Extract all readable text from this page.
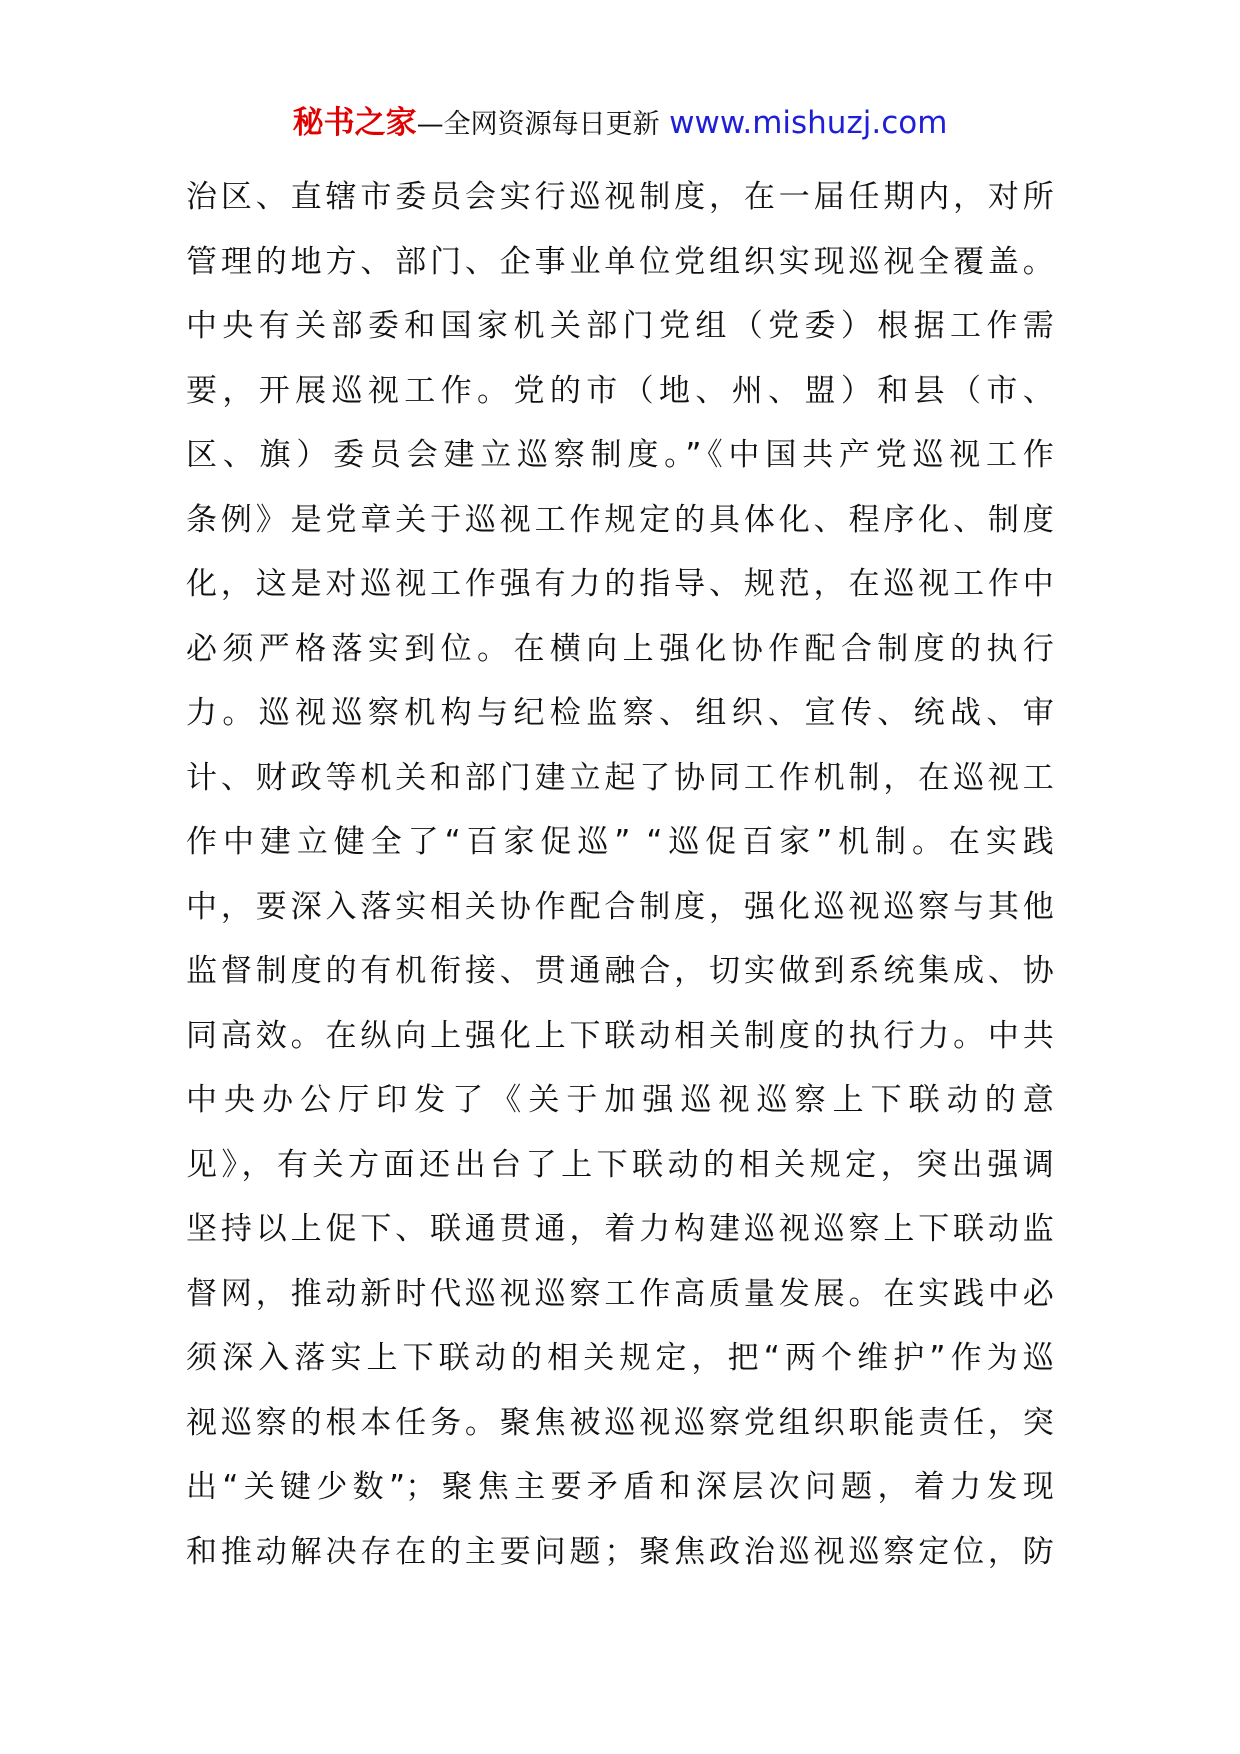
秘书之家—全网资源每日更新 www.mishuzj.com
治区、直辖市委员会实行巡视制度，在一届任期内，对所
管理的地方、部门、企事业单位党组织实现巡视全覆盖。
中央有关部委和国家机关部门党组（党委）根据工作需
要，开展巡视工作。党的市（地、州、盟）和县（市、
区、旗）委员会建立巡察制度。”《中国共产党巡视工作
条例》是党章关于巡视工作规定的具体化、程序化、制度
化，这是对巡视工作强有力的指导、规范，在巡视工作中
必须严格落实到位。在横向上强化协作配合制度的执行
力。巡视巡察机构与纪检监察、组织、宣传、统战、审
计、财政等机关和部门建立起了协同工作机制，在巡视工
作中建立健全了“百家促巡” “巡促百家”机制。在实践
中，要深入落实相关协作配合制度，强化巡视巡察与其他
监督制度的有机衔接、贯通融合，切实做到系统集成、协
同高效。在纵向上强化上下联动相关制度的执行力。中共
中央办公厅印发了《关于加强巡视巡察上下联动的意
见》，有关方面还出台了上下联动的相关规定，突出强调
坚持以上促下、联通贯通，着力构建巡视巡察上下联动监
督网，推动新时代巡视巡察工作高质量发展。在实践中必
须深入落实上下联动的相关规定，把“两个维护”作为巡
视巡察的根本任务。聚焦被巡视巡察党组织职能责任，突
出“关键少数”；聚焦主要矛盾和深层次问题，着力发现
和推动解决存在的主要问题；聚焦政治巡视巡察定位，防
